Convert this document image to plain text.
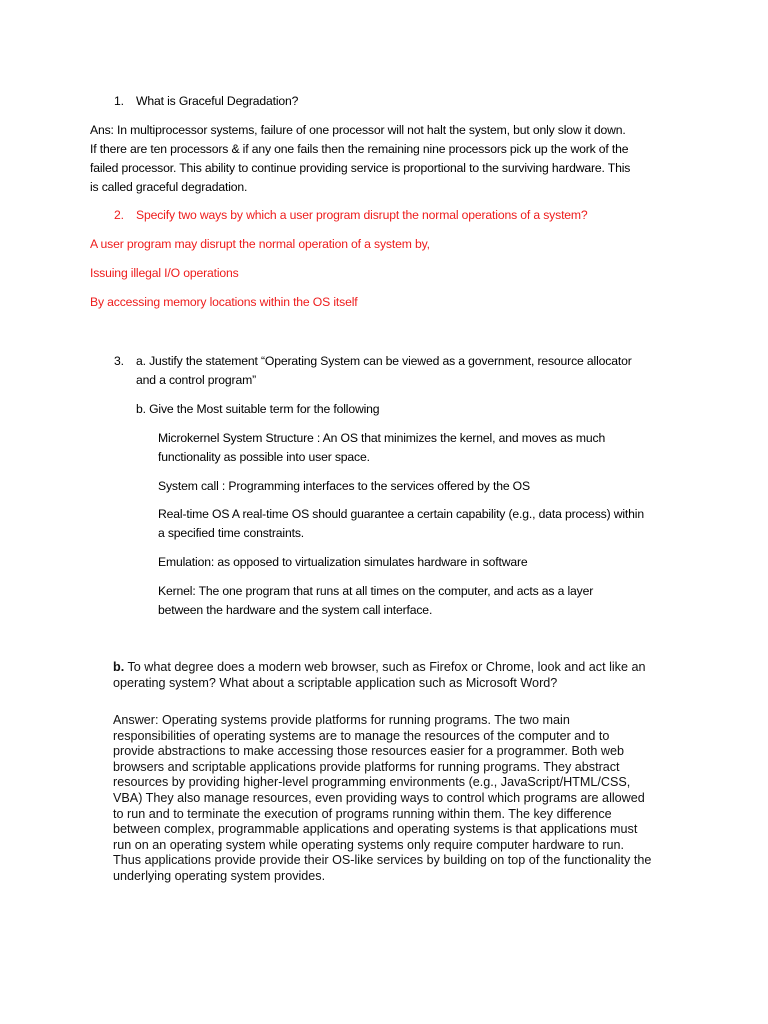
1. What is Graceful Degradation?
Ans: In multiprocessor systems, failure of one processor will not halt the system, but only slow it down.
If there are ten processors & if any one fails then the remaining nine processors pick up the work of the
failed processor. This ability to continue providing service is proportional to the surviving hardware. This
is called graceful degradation.
2. Specify two ways by which a user program disrupt the normal operations of a system?
A user program may disrupt the normal operation of a system by,
Issuing illegal I/O operations
By accessing memory locations within the OS itself
3. a. Justify the statement “Operating System can be viewed as a government, resource allocator
and a control program”
b. Give the Most suitable term for the following
Microkernel System Structure : An OS that minimizes the kernel, and moves as much
functionality as possible into user space.
System call : Programming interfaces to the services offered by the OS
Real-time OS A real-time OS should guarantee a certain capability (e.g., data process) within
a specified time constraints.
Emulation: as opposed to virtualization simulates hardware in software
Kernel: The one program that runs at all times on the computer, and acts as a layer
between the hardware and the system call interface.
b. To what degree does a modern web browser, such as Firefox or Chrome, look and act like an operating system? What about a scriptable application such as Microsoft Word?
Answer: Operating systems provide platforms for running programs. The two main
responsibilities of operating systems are to manage the resources of the computer and to
provide abstractions to make accessing those resources easier for a programmer. Both web
browsers and scriptable applications provide platforms for running programs. They abstract
resources by providing higher-level programming environments (e.g., JavaScript/HTML/CSS,
VBA) They also manage resources, even providing ways to control which programs are allowed
to run and to terminate the execution of programs running within them. The key difference
between complex, programmable applications and operating systems is that applications must
run on an operating system while operating systems only require computer hardware to run.
Thus applications provide provide their OS-like services by building on top of the functionality the
underlying operating system provides.
